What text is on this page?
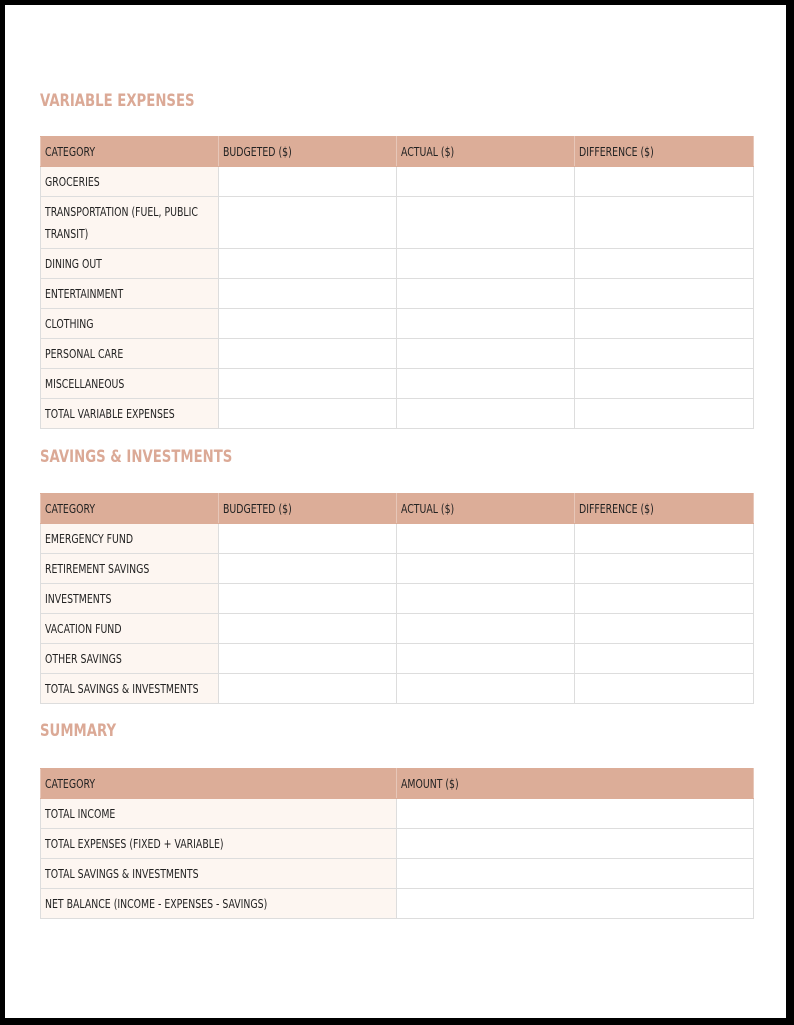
VARIABLE EXPENSES
CATEGORY	BUDGETED ($)	ACTUAL ($)	DIFFERENCE ($)
GROCERIES			
TRANSPORTATION (FUEL, PUBLIC TRANSIT)			
DINING OUT			
ENTERTAINMENT			
CLOTHING			
PERSONAL CARE			
MISCELLANEOUS			
TOTAL VARIABLE EXPENSES			
SAVINGS & INVESTMENTS
CATEGORY	BUDGETED ($)	ACTUAL ($)	DIFFERENCE ($)
EMERGENCY FUND			
RETIREMENT SAVINGS			
INVESTMENTS			
VACATION FUND			
OTHER SAVINGS			
TOTAL SAVINGS & INVESTMENTS			
SUMMARY
CATEGORY	AMOUNT ($)
TOTAL INCOME	
TOTAL EXPENSES (FIXED + VARIABLE)	
TOTAL SAVINGS & INVESTMENTS	
NET BALANCE (INCOME - EXPENSES - SAVINGS)	
